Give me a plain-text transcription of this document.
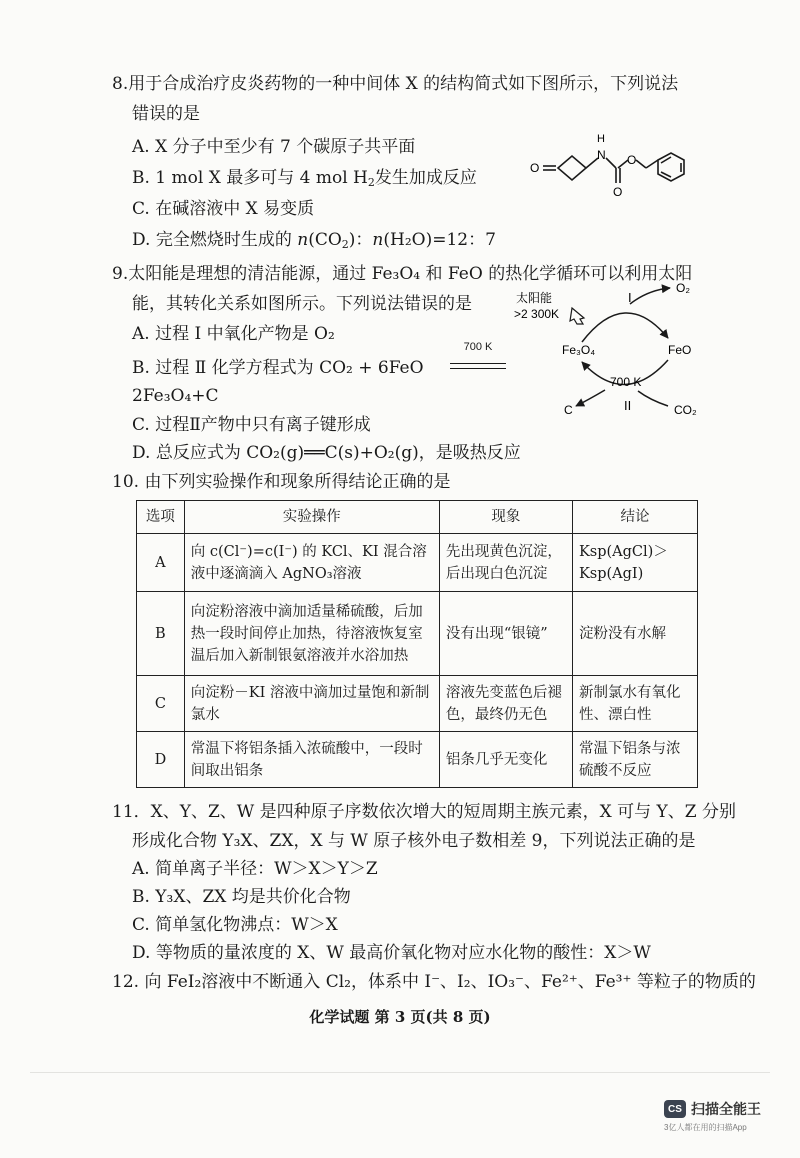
8.用于合成治疗皮炎药物的一种中间体 X 的结构简式如下图所示，下列说法
错误的是
A. X 分子中至少有 7 个碳原子共平面
B. 1 mol X 最多可与 4 mol $H_2$发生加成反应
C. 在碱溶液中 X 易变质
D. 完全燃烧时生成的 $n(CO_2)$：n(H₂O)=12：7
H
N
O
O
O
9.太阳能是理想的清洁能源，通过 Fe₃O₄ 和 FeO 的热化学循环可以利用太阳
能，其转化关系如图所示。下列说法错误的是
A. 过程 Ⅰ 中氧化产物是 O₂
B. 过程 Ⅱ 化学方程式为 CO₂ + 6FeO
700 K
2Fe₃O₄+C
C. 过程Ⅱ产物中只有离子键形成
D. 总反应式为 CO₂(g)══C(s)+O₂(g)，是吸热反应
太阳能
>2 300K
I
O₂
Fe₃O₄	FeO
700 K
II
C	CO₂
10. 由下列实验操作和现象所得结论正确的是
选项	实验操作	现象	结论
A	向 c(Cl⁻)=c(I⁻) 的 KCl、KI 混合溶液中逐滴滴入 AgNO₃溶液	先出现黄色沉淀，后出现白色沉淀	Ksp(AgCl)＞Ksp(AgI)
B	向淀粉溶液中滴加适量稀硫酸，后加热一段时间停止加热，待溶液恢复室温后加入新制银氨溶液并水浴加热	没有出现“银镜”	淀粉没有水解
C	向淀粉－KI 溶液中滴加过量饱和新制氯水	溶液先变蓝色后褪色，最终仍无色	新制氯水有氧化性、漂白性
D	常温下将铝条插入浓硫酸中，一段时间取出铝条	铝条几乎无变化	常温下铝条与浓硫酸不反应
11．X、Y、Z、W 是四种原子序数依次增大的短周期主族元素，X 可与 Y、Z 分别
形成化合物 Y₃X、ZX，X 与 W 原子核外电子数相差 9，下列说法正确的是
A. 简单离子半径：W＞X＞Y＞Z
B. Y₃X、ZX 均是共价化合物
C. 简单氢化物沸点：W＞X
D. 等物质的量浓度的 X、W 最高价氧化物对应水化物的酸性：X＞W
12. 向 FeI₂溶液中不断通入 Cl₂，体系中 I⁻、I₂、IO₃⁻、Fe²⁺、Fe³⁺ 等粒子的物质的
化学试题 第 3 页(共 8 页)
CS 扫描全能王
3亿人都在用的扫描App
